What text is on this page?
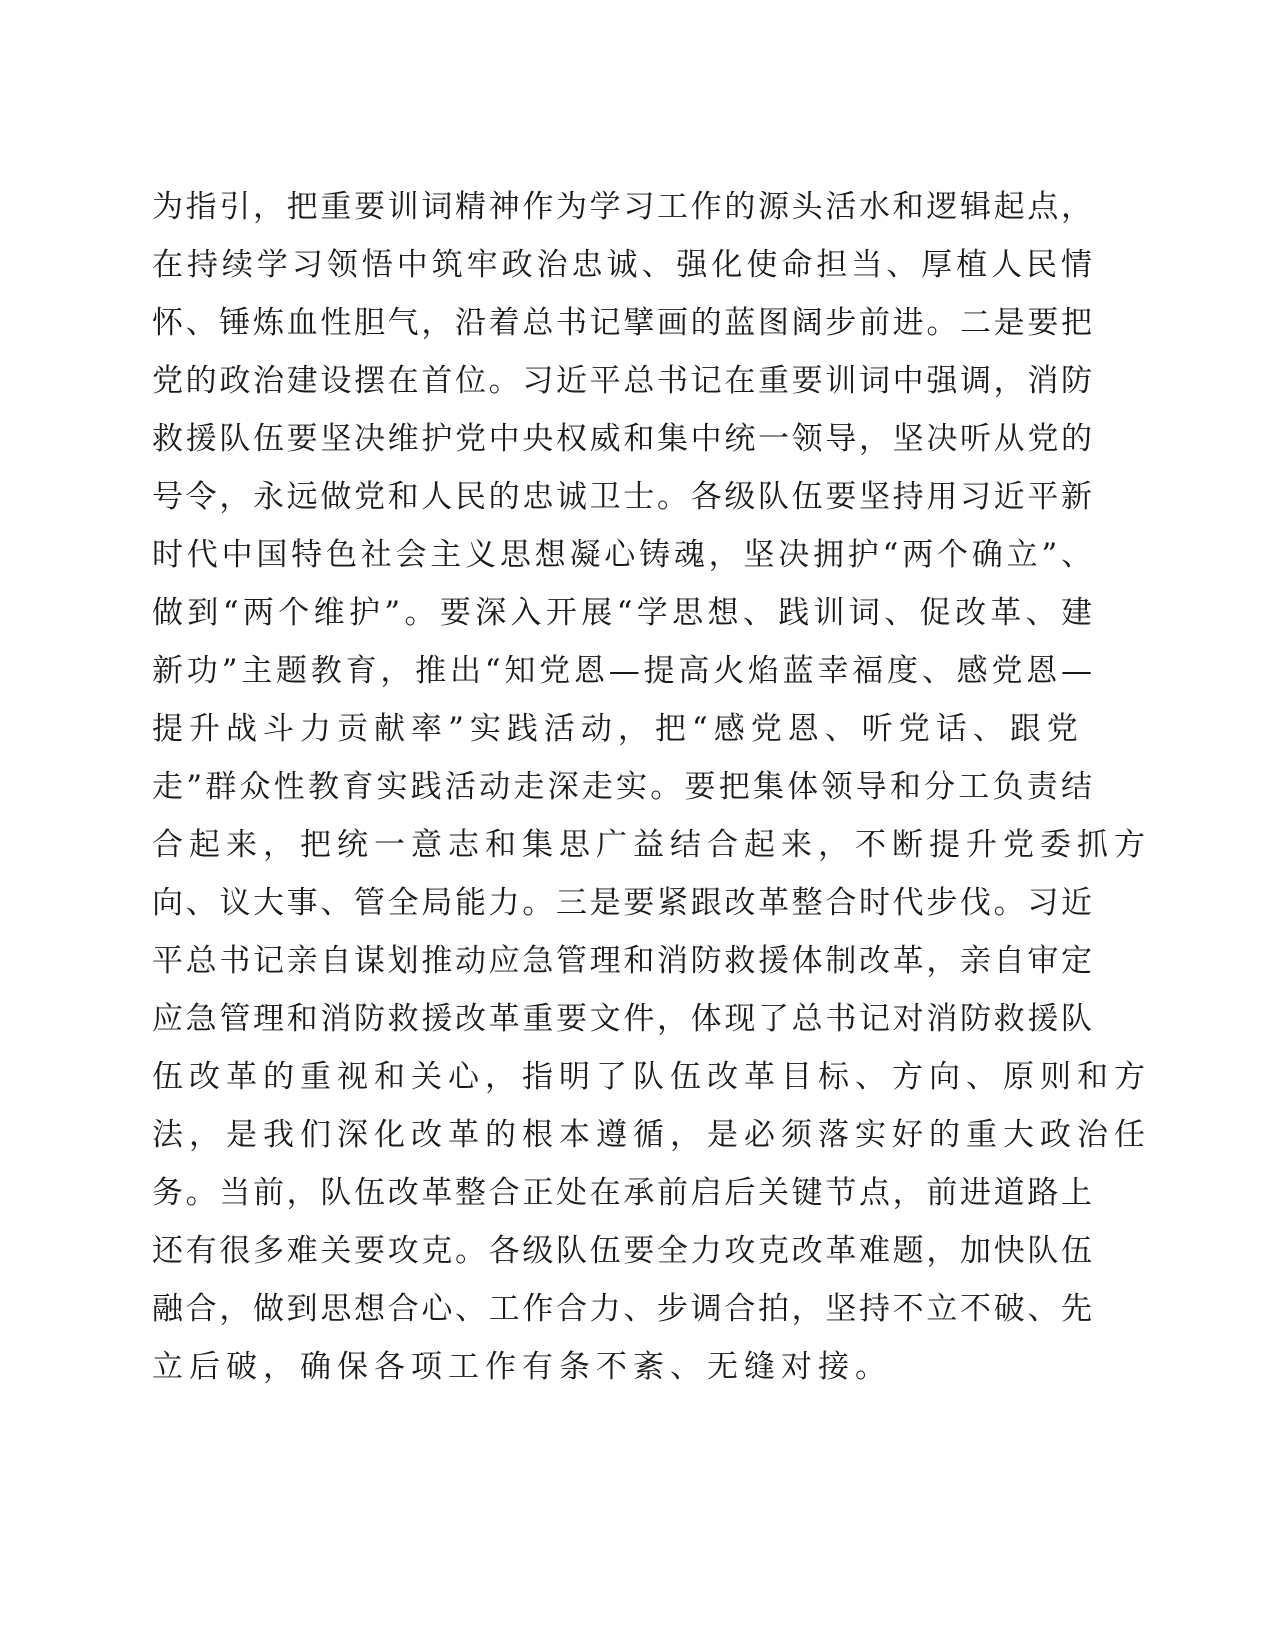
为指引，把重要训词精神作为学习工作的源头活水和逻辑起点，
在持续学习领悟中筑牢政治忠诚、强化使命担当、厚植人民情
怀、锤炼血性胆气，沿着总书记擘画的蓝图阔步前进。二是要把
党的政治建设摆在首位。习近平总书记在重要训词中强调，消防
救援队伍要坚决维护党中央权威和集中统一领导，坚决听从党的
号令，永远做党和人民的忠诚卫士。各级队伍要坚持用习近平新
时代中国特色社会主义思想凝心铸魂，坚决拥护“两个确立”、
做到“两个维护”。要深入开展“学思想、践训词、促改革、建
新功”主题教育，推出“知党恩—提高火焰蓝幸福度、感党恩—
提升战斗力贡献率”实践活动，把“感党恩、听党话、跟党
走”群众性教育实践活动走深走实。要把集体领导和分工负责结
合起来，把统一意志和集思广益结合起来，不断提升党委抓方
向、议大事、管全局能力。三是要紧跟改革整合时代步伐。习近
平总书记亲自谋划推动应急管理和消防救援体制改革，亲自审定
应急管理和消防救援改革重要文件，体现了总书记对消防救援队
伍改革的重视和关心，指明了队伍改革目标、方向、原则和方
法，是我们深化改革的根本遵循，是必须落实好的重大政治任
务。当前，队伍改革整合正处在承前启后关键节点，前进道路上
还有很多难关要攻克。各级队伍要全力攻克改革难题，加快队伍
融合，做到思想合心、工作合力、步调合拍，坚持不立不破、先
立后破，确保各项工作有条不紊、无缝对接。
